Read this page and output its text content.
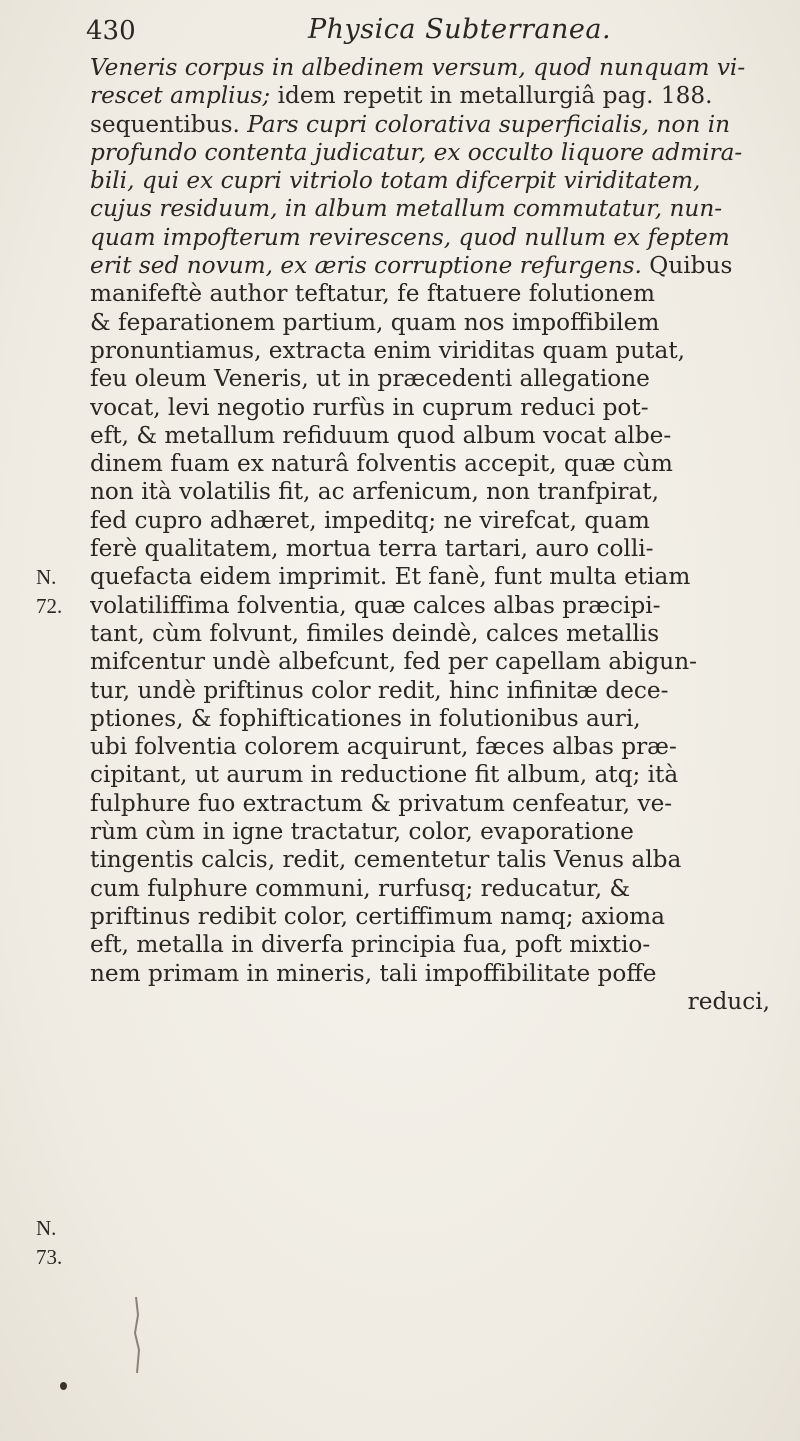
430	Physica Subterranea.
Veneris corpus in albedinem versum, quod nunquam vi-
rescet amplius; idem repetit in metallurgiâ pag. 188.
sequentibus. Pars cupri colorativa superficialis, non in
profundo contenta judicatur, ex occulto liquore admira-
bili, qui ex cupri vitriolo totam difcerpit viriditatem,
cujus residuum, in album metallum commutatur, nun-
quam impofterum revirescens, quod nullum ex feptem
erit sed novum, ex æris corruptione refurgens. Quibus
manifeftè author teftatur, fe ftatuere folutionem
& feparationem partium, quam nos impoffibilem
pronuntiamus, extracta enim viriditas quam putat,
feu oleum Veneris, ut in præcedenti allegatione
vocat, levi negotio rurfùs in cuprum reduci pot-
eft, & metallum refiduum quod album vocat albe-
dinem fuam ex naturâ folventis accepit, quæ cùm
non ità volatilis fit, ac arfenicum, non tranfpirat,
fed cupro adhæret, impeditq; ne virefcat, quam
ferè qualitatem, mortua terra tartari, auro colli-
quefacta eidem imprimit. Et fanè, funt multa etiam
volatiliffima folventia, quæ calces albas præcipi-
tant, cùm folvunt, fimiles deindè, calces metallis
mifcentur undè albefcunt, fed per capellam abigun-
tur, undè priftinus color redit, hinc infinitæ dece-
ptiones, & fophifticationes in folutionibus auri,
ubi folventia colorem acquirunt, fæces albas præ-
cipitant, ut aurum in reductione fit album, atq; ità
fulphure fuo extractum & privatum cenfeatur, ve-
rùm cùm in igne tractatur, color, evaporatione
tingentis calcis, redit, cementetur talis Venus alba
cum fulphure communi, rurfusq; reducatur, &
priftinus redibit color, certiffimum namq; axioma
eft, metalla in diverfa principia fua, poft mixtio-
nem primam in mineris, tali impoffibilitate poffe
reduci,
N.
72.
N.
73.
